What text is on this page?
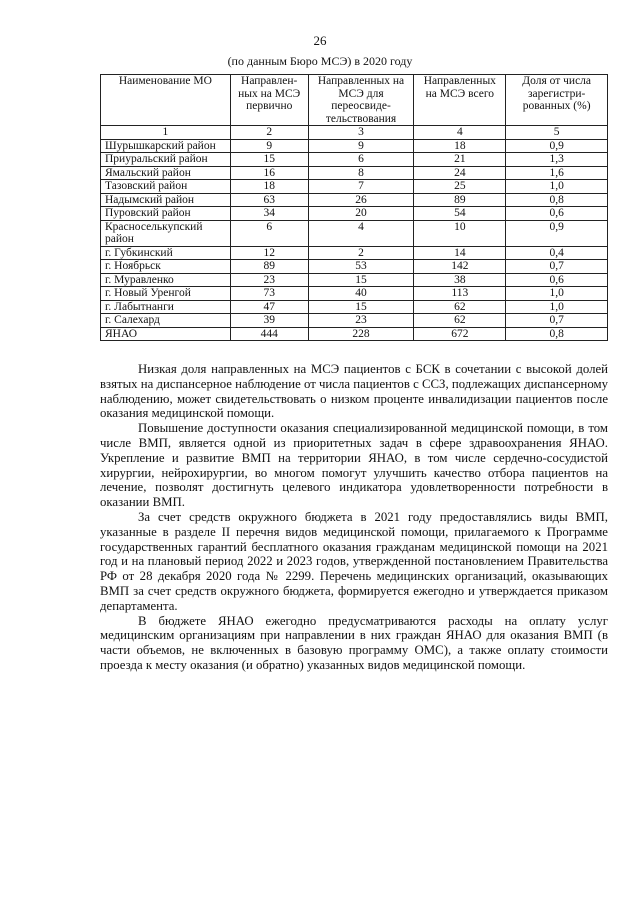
26
(по данным Бюро МСЭ) в 2020 году
Наименование МО	Направлен-ных на МСЭ первично	Направленных на МСЭ для переосвиде-тельствования	Направленных на МСЭ всего	Доля от числа зарегистри-рованных (%)
1	2	3	4	5
Шурышкарский район	9	9	18	0,9
Приуральский район	15	6	21	1,3
Ямальский район	16	8	24	1,6
Тазовский район	18	7	25	1,0
Надымский район	63	26	89	0,8
Пуровский район	34	20	54	0,6
Красноселькупский район	6	4	10	0,9
г. Губкинский	12	2	14	0,4
г. Ноябрьск	89	53	142	0,7
г. Муравленко	23	15	38	0,6
г. Новый Уренгой	73	40	113	1,0
г. Лабытнанги	47	15	62	1,0
г. Салехард	39	23	62	0,7
ЯНАО	444	228	672	0,8

Низкая доля направленных на МСЭ пациентов с БСК в сочетании с высокой долей взятых на диспансерное наблюдение от числа пациентов с ССЗ, подлежащих диспансерному наблюдению, может свидетельствовать о низком проценте инвалидизации пациентов после оказания медицинской помощи.

Повышение доступности оказания специализированной медицинской помощи, в том числе ВМП, является одной из приоритетных задач в сфере здравоохранения ЯНАО. Укрепление и развитие ВМП на территории ЯНАО, в том числе сердечно-сосудистой хирургии, нейрохирургии, во многом помогут улучшить качество отбора пациентов на лечение, позволят достигнуть целевого индикатора удовлетворенности потребности в оказании ВМП.

За счет средств окружного бюджета в 2021 году предоставлялись виды ВМП, указанные в разделе II перечня видов медицинской помощи, прилагаемого к Программе государственных гарантий бесплатного оказания гражданам медицинской помощи на 2021 год и на плановый период 2022 и 2023 годов, утвержденной постановлением Правительства РФ от 28 декабря 2020 года № 2299. Перечень медицинских организаций, оказывающих ВМП за счет средств окружного бюджета, формируется ежегодно и утверждается приказом департамента.

В бюджете ЯНАО ежегодно предусматриваются расходы на оплату услуг медицинским организациям при направлении в них граждан ЯНАО для оказания ВМП (в части объемов, не включенных в базовую программу ОМС), а также оплату стоимости проезда к месту оказания (и обратно) указанных видов медицинской помощи.
